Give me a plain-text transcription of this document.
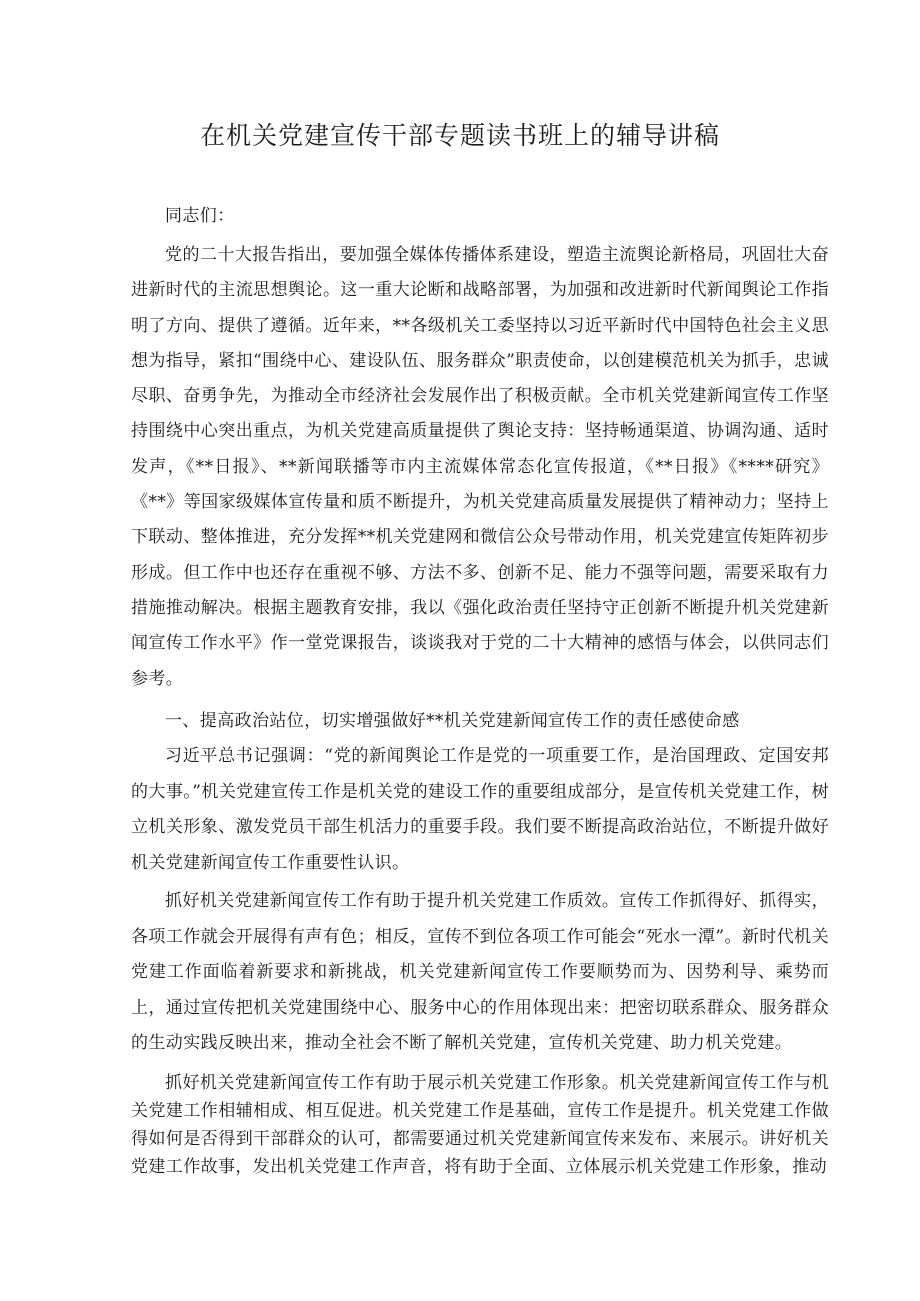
在机关党建宣传干部专题读书班上的辅导讲稿

同志们：

党的二十大报告指出，要加强全媒体传播体系建设，塑造主流舆论新格局，巩固壮大奋进新时代的主流思想舆论。这一重大论断和战略部署，为加强和改进新时代新闻舆论工作指明了方向、提供了遵循。近年来，**各级机关工委坚持以习近平新时代中国特色社会主义思想为指导，紧扣“围绕中心、建设队伍、服务群众”职责使命，以创建模范机关为抓手，忠诚尽职、奋勇争先，为推动全市经济社会发展作出了积极贡献。全市机关党建新闻宣传工作坚持围绕中心突出重点，为机关党建高质量提供了舆论支持：坚持畅通渠道、协调沟通、适时发声，《**日报》、**新闻联播等市内主流媒体常态化宣传报道，《**日报》《****研究》《**》等国家级媒体宣传量和质不断提升，为机关党建高质量发展提供了精神动力；坚持上下联动、整体推进，充分发挥**机关党建网和微信公众号带动作用，机关党建宣传矩阵初步形成。但工作中也还存在重视不够、方法不多、创新不足、能力不强等问题，需要采取有力措施推动解决。根据主题教育安排，我以《强化政治责任坚持守正创新不断提升机关党建新闻宣传工作水平》作一堂党课报告，谈谈我对于党的二十大精神的感悟与体会，以供同志们参考。

一、提高政治站位，切实增强做好**机关党建新闻宣传工作的责任感使命感

习近平总书记强调：“党的新闻舆论工作是党的一项重要工作，是治国理政、定国安邦的大事。”机关党建宣传工作是机关党的建设工作的重要组成部分，是宣传机关党建工作，树立机关形象、激发党员干部生机活力的重要手段。我们要不断提高政治站位，不断提升做好机关党建新闻宣传工作重要性认识。

抓好机关党建新闻宣传工作有助于提升机关党建工作质效。宣传工作抓得好、抓得实，各项工作就会开展得有声有色；相反，宣传不到位各项工作可能会“死水一潭”。新时代机关党建工作面临着新要求和新挑战，机关党建新闻宣传工作要顺势而为、因势利导、乘势而上，通过宣传把机关党建围绕中心、服务中心的作用体现出来：把密切联系群众、服务群众的生动实践反映出来，推动全社会不断了解机关党建，宣传机关党建、助力机关党建。

抓好机关党建新闻宣传工作有助于展示机关党建工作形象。机关党建新闻宣传工作与机关党建工作相辅相成、相互促进。机关党建工作是基础，宣传工作是提升。机关党建工作做得如何是否得到干部群众的认可，都需要通过机关党建新闻宣传来发布、来展示。讲好机关党建工作故事，发出机关党建工作声音，将有助于全面、立体展示机关党建工作形象，推动
